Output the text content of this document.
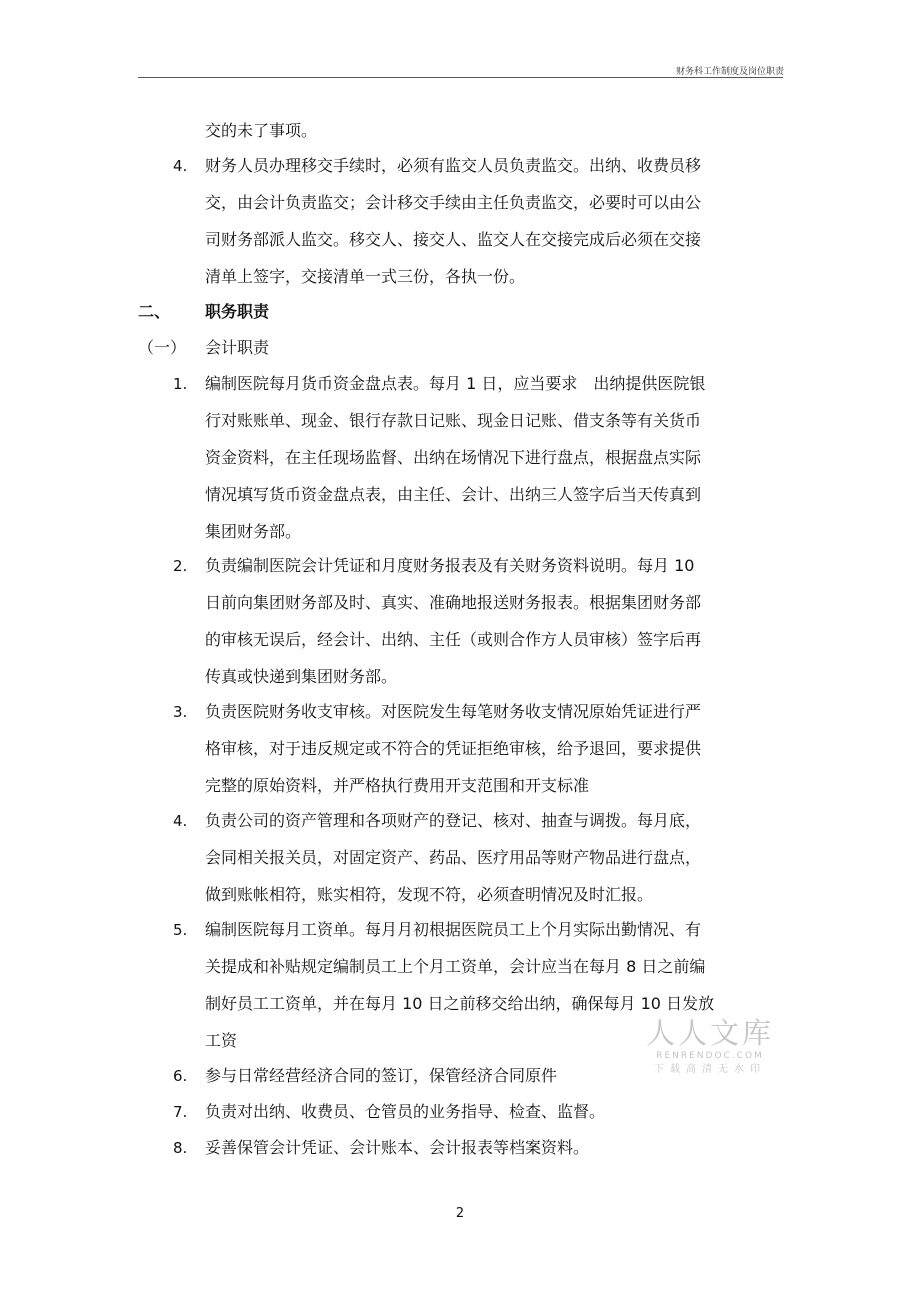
财务科工作制度及岗位职责
交的未了事项。
4. 财务人员办理移交手续时，必须有监交人员负责监交。出纳、收费员移
交，由会计负责监交；会计移交手续由主任负责监交，必要时可以由公
司财务部派人监交。移交人、接交人、监交人在交接完成后必须在交接
清单上签字，交接清单一式三份，各执一份。
二、 职务职责
（一） 会计职责
1. 编制医院每月货币资金盘点表。每月 1 日，应当要求　出纳提供医院银
行对账账单、现金、银行存款日记账、现金日记账、借支条等有关货币
资金资料，在主任现场监督、出纳在场情况下进行盘点，根据盘点实际
情况填写货币资金盘点表，由主任、会计、出纳三人签字后当天传真到
集团财务部。
2. 负责编制医院会计凭证和月度财务报表及有关财务资料说明。每月 10
日前向集团财务部及时、真实、准确地报送财务报表。根据集团财务部
的审核无误后，经会计、出纳、主任（或则合作方人员审核）签字后再
传真或快递到集团财务部。
3. 负责医院财务收支审核。对医院发生每笔财务收支情况原始凭证进行严
格审核，对于违反规定或不符合的凭证拒绝审核，给予退回，要求提供
完整的原始资料，并严格执行费用开支范围和开支标准
4. 负责公司的资产管理和各项财产的登记、核对、抽查与调拨。每月底，
会同相关报关员，对固定资产、药品、医疗用品等财产物品进行盘点，
做到账帐相符，账实相符，发现不符，必须查明情况及时汇报。
5. 编制医院每月工资单。每月月初根据医院员工上个月实际出勤情况、有
关提成和补贴规定编制员工上个月工资单，会计应当在每月 8 日之前编
制好员工工资单，并在每月 10 日之前移交给出纳，确保每月 10 日发放
工资
6. 参与日常经营经济合同的签订，保管经济合同原件
7. 负责对出纳、收费员、仓管员的业务指导、检查、监督。
8. 妥善保管会计凭证、会计账本、会计报表等档案资料。
人人文库
RENRENDOC.COM
下载高清无水印
2
